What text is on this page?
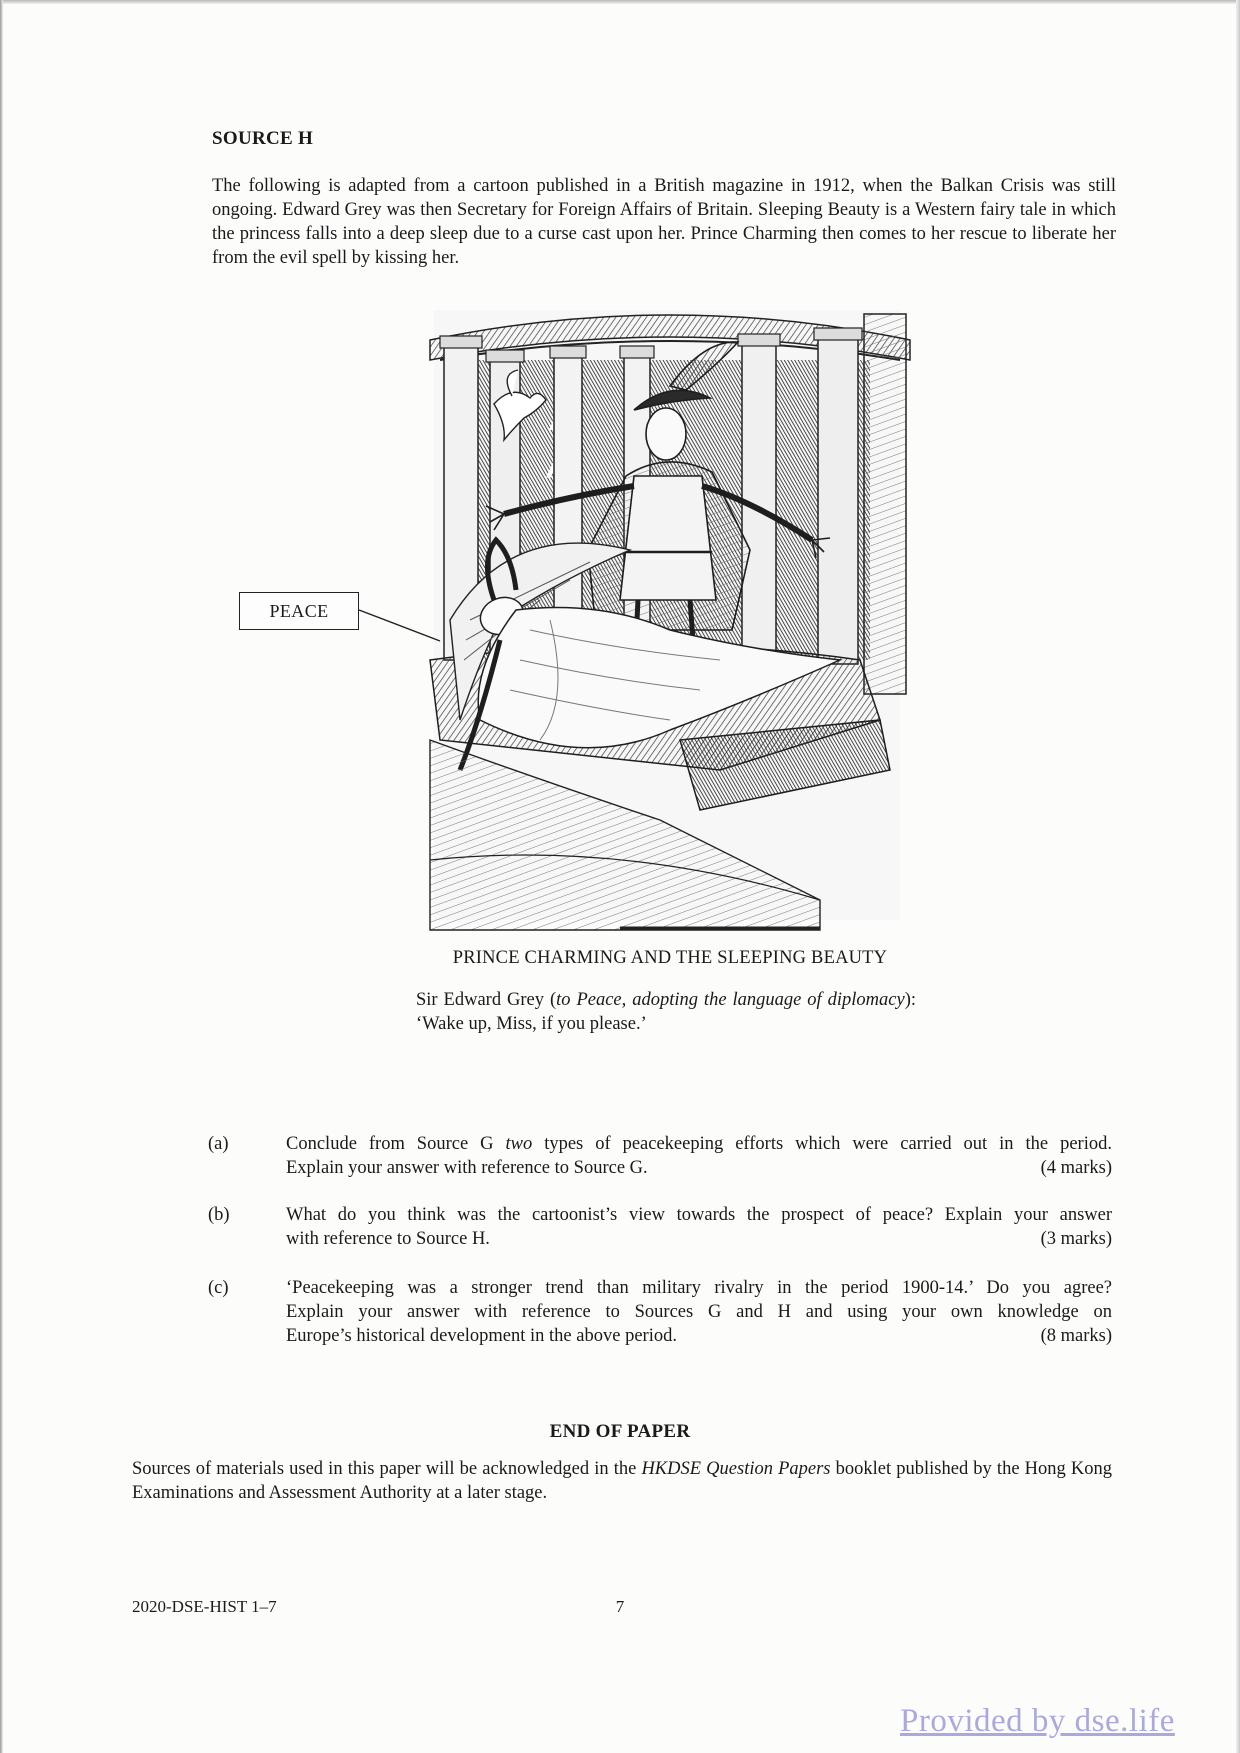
SOURCE H
The following is adapted from a cartoon published in a British magazine in 1912, when the Balkan Crisis was still ongoing. Edward Grey was then Secretary for Foreign Affairs of Britain. Sleeping Beauty is a Western fairy tale in which the princess falls into a deep sleep due to a curse cast upon her. Prince Charming then comes to her rescue to liberate her from the evil spell by kissing her.
PEACE
PRINCE CHARMING AND THE SLEEPING BEAUTY
Sir Edward Grey (to Peace, adopting the language of diplomacy): ‘Wake up, Miss, if you please.’
(a)	Conclude from Source G two types of peacekeeping efforts which were carried out in the period.
Explain your answer with reference to Source G.	(4 marks)
(b)	What do you think was the cartoonist’s view towards the prospect of peace? Explain your answer
with reference to Source H.	(3 marks)
(c)	‘Peacekeeping was a stronger trend than military rivalry in the period 1900-14.’ Do you agree?
Explain your answer with reference to Sources G and H and using your own knowledge on
Europe’s historical development in the above period.	(8 marks)
END OF PAPER
Sources of materials used in this paper will be acknowledged in the HKDSE Question Papers booklet published by the Hong Kong Examinations and Assessment Authority at a later stage.
2020-DSE-HIST 1–7	7
Provided by dse.life
